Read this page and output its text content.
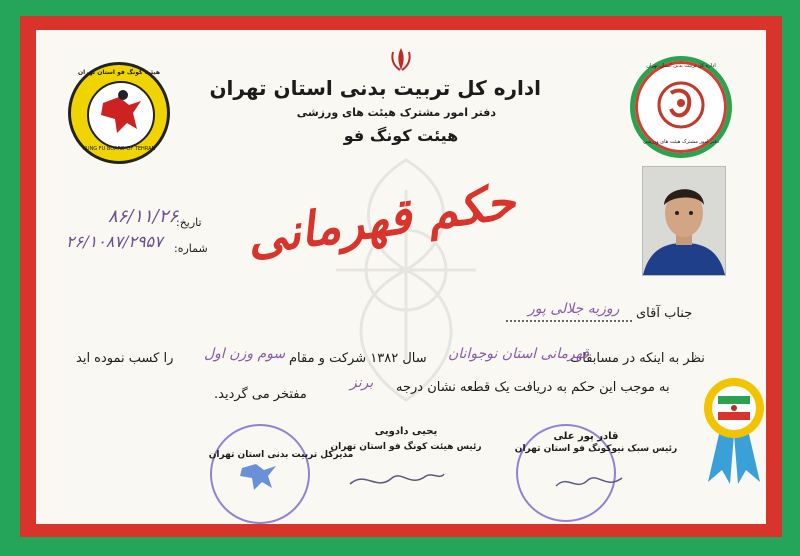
اداره کل تربیت بدنی استان تهران
دفتر امور مشترک هیئت های ورزشی
هیئت کونگ فو
هیئت کونگ فو استان تهران
KUNG FU BOARD OF TEHRAN
اداره کل تربیت بدنی استان تهران
دفتر امور مشترک هیئت های ورزشی
تاریخ:
۸۶/۱۱/۲۶
شماره:
۲۶/۱۰۸۷/۲۹۵۷ حکم قهرمانی
جناب آقای
روزبه جلالی پور
نظر به اینکه در مسابقات
قهرمانی استان نوجوانان
سال ۱۳۸۲ شرکت و مقام
سوم وزن اول
را کسب نموده اید
به موجب این حکم به دریافت یک قطعه نشان درجه
برنز
مفتخر می گردید.
مدیرکل تربیت بدنی استان تهران
یحیی دادویی
رئیس هیئت کونگ فو استان تهران
قادر پور علی
رئیس سبک نیوکونگ فو استان تهران
